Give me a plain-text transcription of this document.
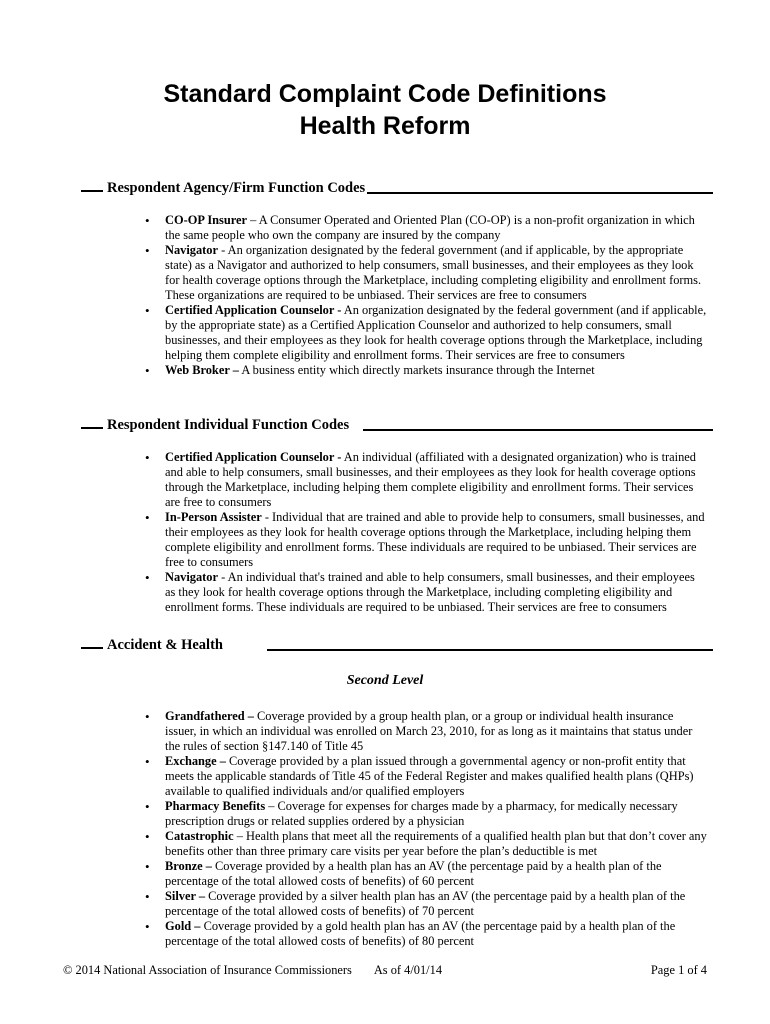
Standard Complaint Code Definitions
Health Reform
Respondent Agency/Firm Function Codes
• CO-OP Insurer – A Consumer Operated and Oriented Plan (CO-OP) is a non-profit organization in which the same people who own the company are insured by the company
• Navigator - An organization designated by the federal government (and if applicable, by the appropriate state) as a Navigator and authorized to help consumers, small businesses, and their employees as they look for health coverage options through the Marketplace, including completing eligibility and enrollment forms. These organizations are required to be unbiased. Their services are free to consumers
• Certified Application Counselor - An organization designated by the federal government (and if applicable, by the appropriate state) as a Certified Application Counselor and authorized to help consumers, small businesses, and their employees as they look for health coverage options through the Marketplace, including helping them complete eligibility and enrollment forms. Their services are free to consumers
• Web Broker – A business entity which directly markets insurance through the Internet
Respondent Individual Function Codes
• Certified Application Counselor - An individual (affiliated with a designated organization) who is trained and able to help consumers, small businesses, and their employees as they look for health coverage options through the Marketplace, including helping them complete eligibility and enrollment forms. Their services are free to consumers
• In-Person Assister - Individual that are trained and able to provide help to consumers, small businesses, and their employees as they look for health coverage options through the Marketplace, including helping them complete eligibility and enrollment forms. These individuals are required to be unbiased. Their services are free to consumers
• Navigator - An individual that's trained and able to help consumers, small businesses, and their employees as they look for health coverage options through the Marketplace, including completing eligibility and enrollment forms. These individuals are required to be unbiased. Their services are free to consumers
Accident & Health
Second Level
• Grandfathered – Coverage provided by a group health plan, or a group or individual health insurance issuer, in which an individual was enrolled on March 23, 2010, for as long as it maintains that status under the rules of section §147.140 of Title 45
• Exchange – Coverage provided by a plan issued through a governmental agency or non-profit entity that meets the applicable standards of Title 45 of the Federal Register and makes qualified health plans (QHPs) available to qualified individuals and/or qualified employers
• Pharmacy Benefits – Coverage for expenses for charges made by a pharmacy, for medically necessary prescription drugs or related supplies ordered by a physician
• Catastrophic – Health plans that meet all the requirements of a qualified health plan but that don’t cover any benefits other than three primary care visits per year before the plan’s deductible is met
• Bronze – Coverage provided by a health plan has an AV (the percentage paid by a health plan of the percentage of the total allowed costs of benefits) of 60 percent
• Silver – Coverage provided by a silver health plan has an AV (the percentage paid by a health plan of the percentage of the total allowed costs of benefits) of 70 percent
• Gold – Coverage provided by a gold health plan has an AV (the percentage paid by a health plan of the percentage of the total allowed costs of benefits) of 80 percent
© 2014 National Association of Insurance Commissioners As of 4/01/14	Page 1 of 4
